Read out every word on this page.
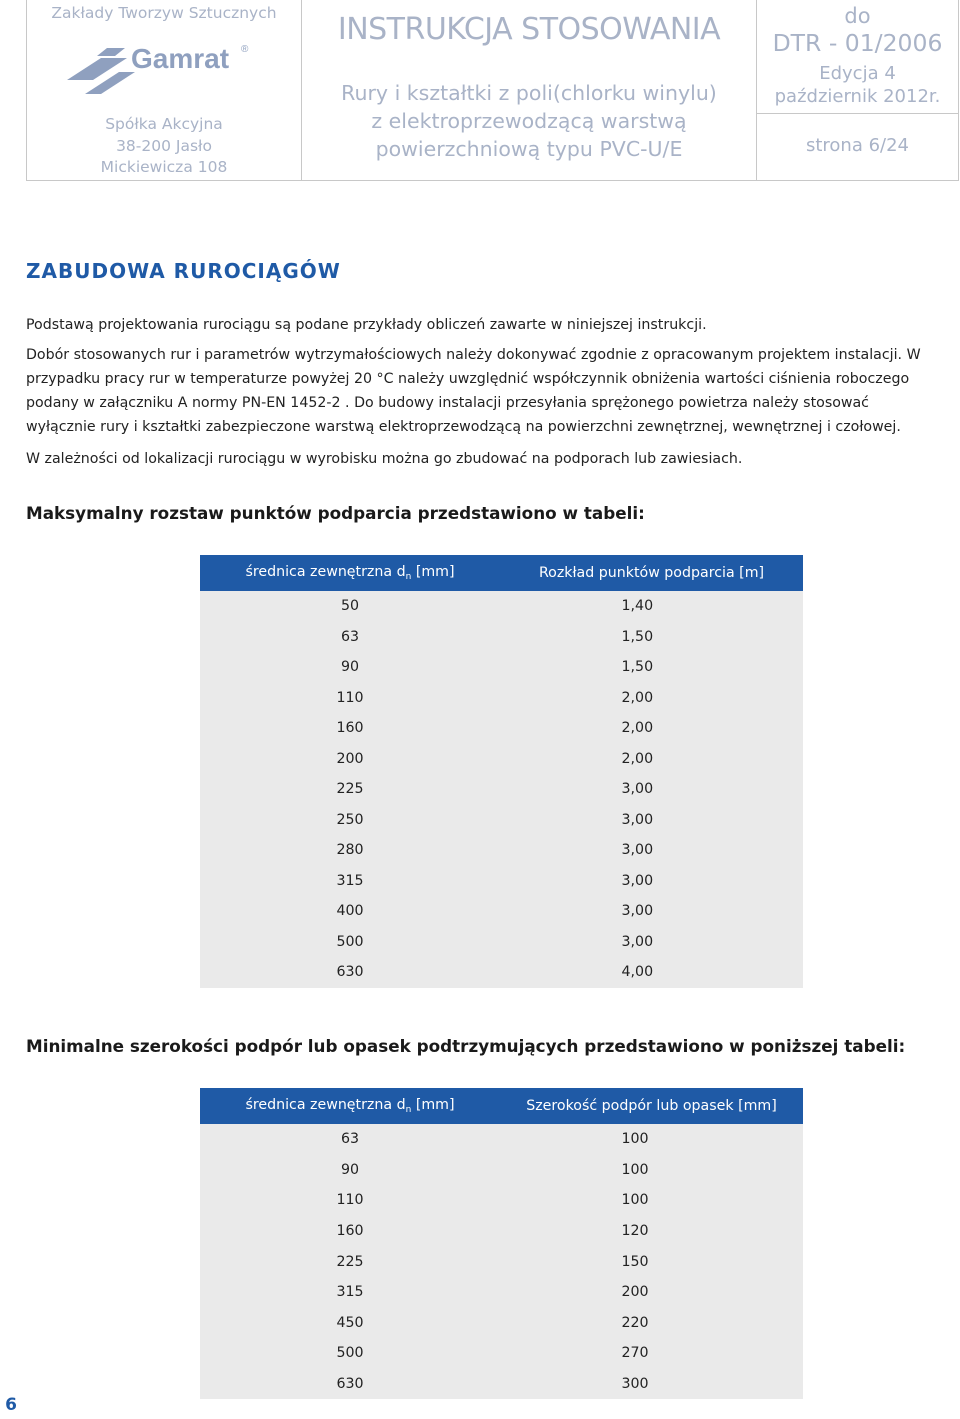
Zakłady Tworzyw Sztucznych
Gamrat ®
Spółka Akcyjna
38-200 Jasło
Mickiewicza 108
INSTRUKCJA STOSOWANIA
Rury i kształtki z poli(chlorku winylu)
z elektroprzewodzącą warstwą
powierzchniową typu PVC-U/E
do
DTR - 01/2006
Edycja 4
październik 2012r.
strona 6/24
ZABUDOWA RUROCIĄGÓW
Podstawą projektowania rurociągu są podane przykłady obliczeń zawarte w niniejszej instrukcji.
Dobór stosowanych rur i parametrów wytrzymałościowych należy dokonywać zgodnie z opracowanym projektem instalacji. W przypadku pracy rur w temperaturze powyżej 20 °C należy uwzględnić współczynnik obniżenia wartości ciśnienia roboczego podany w załączniku A normy PN-EN 1452-2 . Do budowy instalacji przesyłania sprężonego powietrza należy stosować wyłącznie rury i kształtki zabezpieczone warstwą elektroprzewodzącą na powierzchni zewnętrznej, wewnętrznej i czołowej.
W zależności od lokalizacji rurociągu w wyrobisku można go zbudować na podporach lub zawiesiach.
Maksymalny rozstaw punktów podparcia przedstawiono w tabeli:
średnica zewnętrzna $d_n$ [mm]	Rozkład punktów podparcia [m]
50	1,40
63	1,50
90	1,50
110	2,00
160	2,00
200	2,00
225	3,00
250	3,00
280	3,00
315	3,00
400	3,00
500	3,00
630	4,00
Minimalne szerokości podpór lub opasek podtrzymujących przedstawiono w poniższej tabeli:
średnica zewnętrzna $d_n$ [mm]	Szerokość podpór lub opasek [mm]
63	100
90	100
110	100
160	120
225	150
315	200
450	220
500	270
630	300
6
